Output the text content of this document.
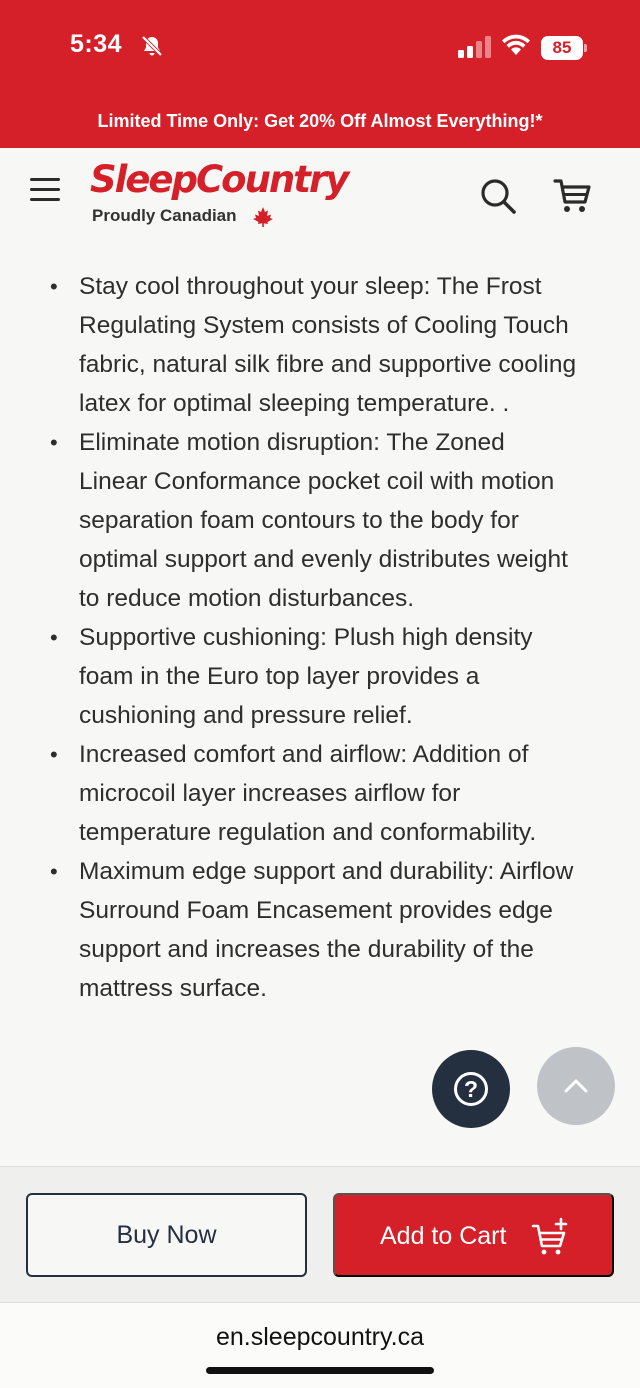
5:34	85
Limited Time Only: Get 20% Off Almost Everything!*
SleepCountry
Proudly Canadian
• Stay cool throughout your sleep: The Frost Regulating System consists of Cooling Touch fabric, natural silk fibre and supportive cooling latex for optimal sleeping temperature. .
• Eliminate motion disruption: The Zoned Linear Conformance pocket coil with motion separation foam contours to the body for optimal support and evenly distributes weight to reduce motion disturbances.
• Supportive cushioning: Plush high density foam in the Euro top layer provides a cushioning and pressure relief.
• Increased comfort and airflow: Addition of microcoil layer increases airflow for temperature regulation and conformability.
• Maximum edge support and durability: Airflow Surround Foam Encasement provides edge support and increases the durability of the mattress surface.
?
Buy Now	Add to Cart
en.sleepcountry.ca
